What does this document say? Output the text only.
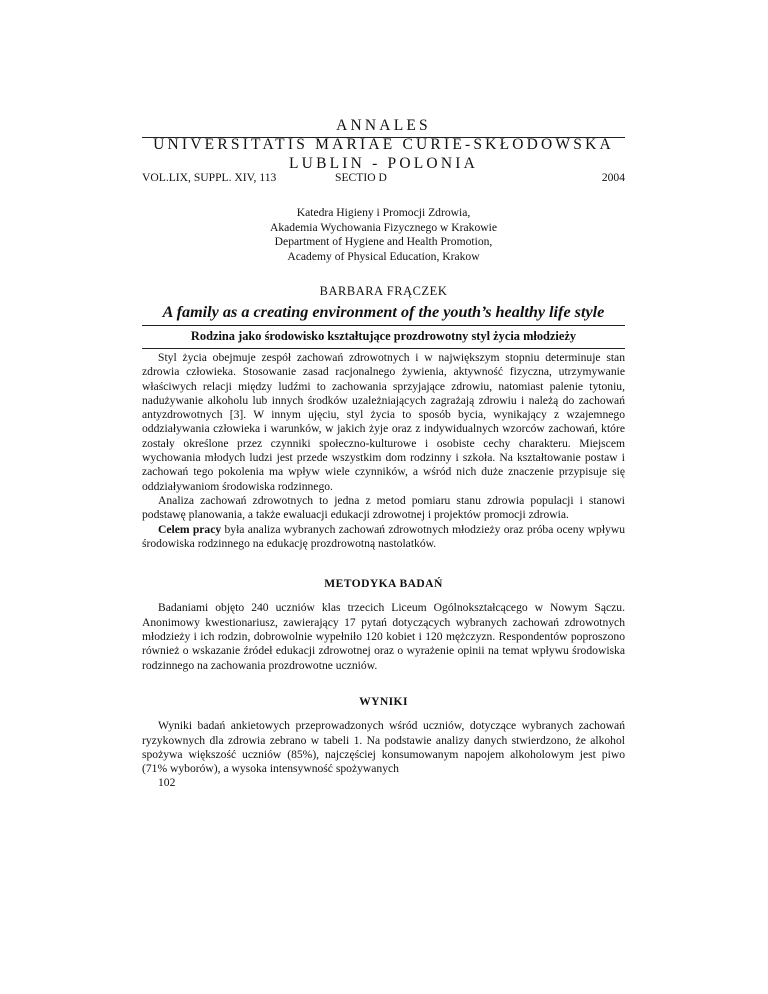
ANNALES
UNIVERSITATIS MARIAE CURIE-SKŁODOWSKA
LUBLIN - POLONIA
VOL.LIX, SUPPL. XIV, 113	SECTIO D	2004
Katedra Higieny i Promocji Zdrowia,
Akademia Wychowania Fizycznego w Krakowie
Department of Hygiene and Health Promotion,
Academy of Physical Education, Krakow
BARBARA FRĄCZEK
A family as a creating environment of the youth’s healthy life style
Rodzina jako środowisko kształtujące prozdrowotny styl życia młodzieży

Styl życia obejmuje zespół zachowań zdrowotnych i w największym stopniu determinuje stan zdrowia człowieka. Stosowanie zasad racjonalnego żywienia, aktywność fizyczna, utrzymywanie właściwych relacji między ludźmi to zachowania sprzyjające zdrowiu, natomiast palenie tytoniu, nadużywanie alkoholu lub innych środków uzależniających zagrażają zdrowiu i należą do zachowań antyzdrowotnych [3]. W innym ujęciu, styl życia to sposób bycia, wynikający z wzajemnego oddziaływania człowieka i warunków, w jakich żyje oraz z indywidualnych wzorców zachowań, które zostały określone przez czynniki społeczno-kulturowe i osobiste cechy charakteru. Miejscem wychowania młodych ludzi jest przede wszystkim dom rodzinny i szkoła. Na kształtowanie postaw i zachowań tego pokolenia ma wpływ wiele czynników, a wśród nich duże znaczenie przypisuje się oddziaływaniom środowiska rodzinnego.

Analiza zachowań zdrowotnych to jedna z metod pomiaru stanu zdrowia populacji i stanowi podstawę planowania, a także ewaluacji edukacji zdrowotnej i projektów promocji zdrowia.

Celem pracy była analiza wybranych zachowań zdrowotnych młodzieży oraz próba oceny wpływu środowiska rodzinnego na edukację prozdrowotną nastolatków.

METODYKA BADAŃ

Badaniami objęto 240 uczniów klas trzecich Liceum Ogólnokształcącego w Nowym Sączu. Anonimowy kwestionariusz, zawierający 17 pytań dotyczących wybranych zachowań zdrowotnych młodzieży i ich rodzin, dobrowolnie wypełniło 120 kobiet i 120 mężczyzn. Respondentów poproszono również o wskazanie źródeł edukacji zdrowotnej oraz o wyrażenie opinii na temat wpływu środowiska rodzinnego na zachowania prozdrowotne uczniów.

WYNIKI

Wyniki badań ankietowych przeprowadzonych wśród uczniów, dotyczące wybranych zachowań ryzykownych dla zdrowia zebrano w tabeli 1. Na podstawie analizy danych stwierdzono, że alkohol spożywa większość uczniów (85%), najczęściej konsumowanym napojem alkoholowym jest piwo (71% wyborów), a wysoka intensywność spożywanych

102
